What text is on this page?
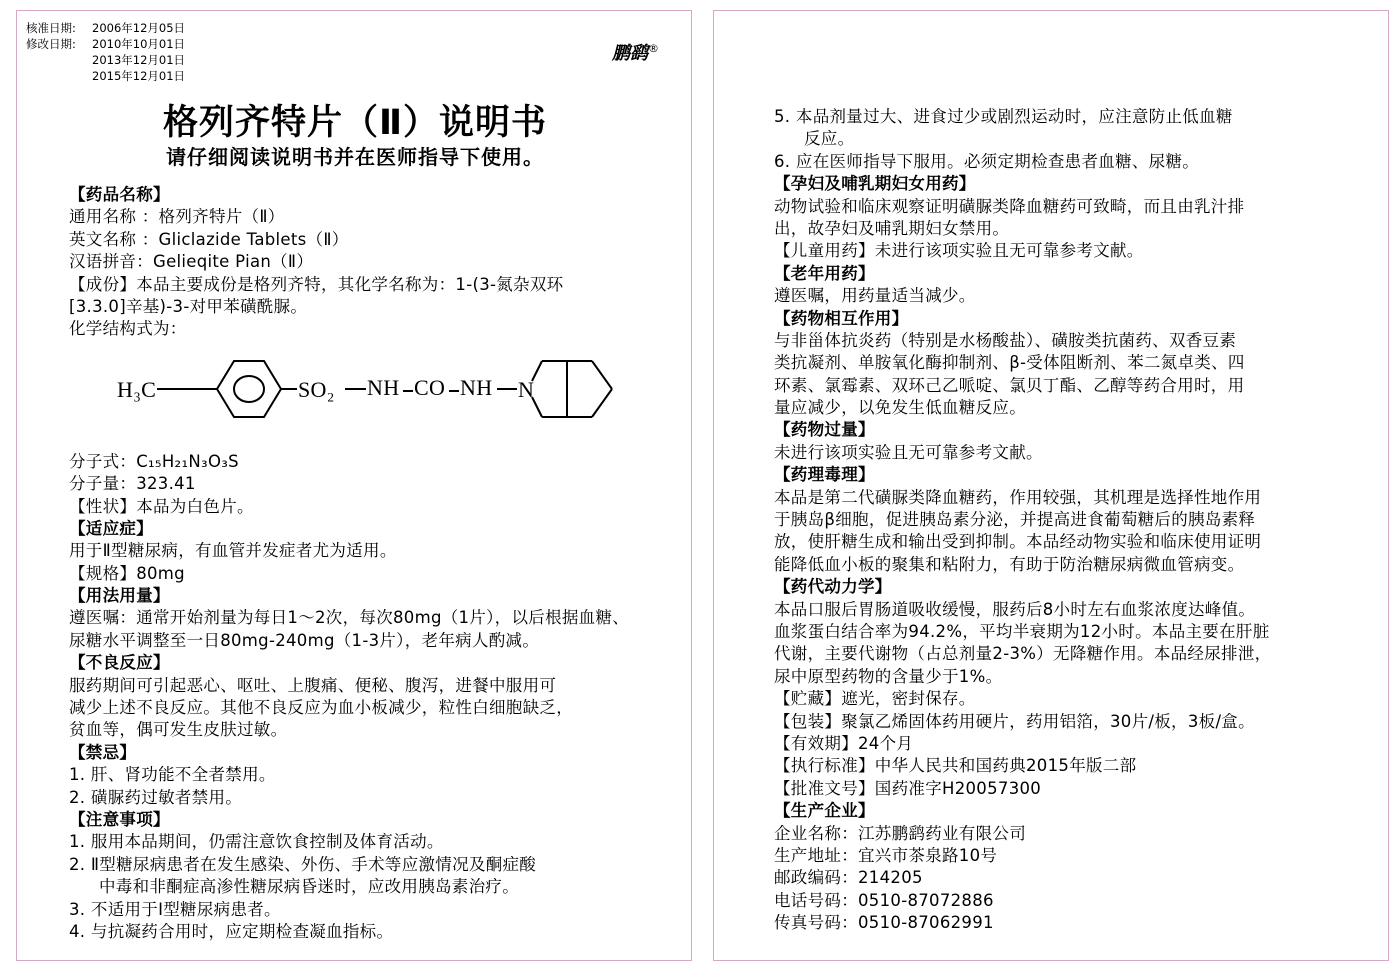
核准日期: 2006年12月05日
修改日期: 2010年10月01日
2013年12月01日
2015年12月01日
鹏鹞®
格列齐特片（Ⅱ）说明书
请仔细阅读说明书并在医师指导下使用。
【药品名称】
通用名称 ：格列齐特片（Ⅱ）
英文名称 ：Gliclazide Tablets（Ⅱ）
汉语拼音：Gelieqite Pian（Ⅱ）
【成份】本品主要成份是格列齐特，其化学名称为：1-(3-氮杂双环
[3.3.0]辛基)-3-对甲苯磺酰脲。
化学结构式为：
H₃C	SO₂ NH CO NH N
分子式：C₁₅H₂₁N₃O₃S
分子量：323.41
【性状】本品为白色片。
【适应症】
用于Ⅱ型糖尿病，有血管并发症者尤为适用。
【规格】80mg
【用法用量】
遵医嘱：通常开始剂量为每日1～2次，每次80mg（1片），以后根据血糖、
尿糖水平调整至一日80mg-240mg（1-3片），老年病人酌减。
【不良反应】
服药期间可引起恶心、呕吐、上腹痛、便秘、腹泻，进餐中服用可
减少上述不良反应。其他不良反应为血小板减少，粒性白细胞缺乏，
贫血等，偶可发生皮肤过敏。
【禁忌】
1. 肝、肾功能不全者禁用。
2. 磺脲药过敏者禁用。
【注意事项】
1. 服用本品期间，仍需注意饮食控制及体育活动。
2. Ⅱ型糖尿病患者在发生感染、外伤、手术等应激情况及酮症酸
中毒和非酮症高渗性糖尿病昏迷时，应改用胰岛素治疗。
3. 不适用于Ⅰ型糖尿病患者。
4. 与抗凝药合用时，应定期检查凝血指标。
5. 本品剂量过大、进食过少或剧烈运动时，应注意防止低血糖
反应。
6. 应在医师指导下服用。必须定期检查患者血糖、尿糖。
【孕妇及哺乳期妇女用药】
动物试验和临床观察证明磺脲类降血糖药可致畸，而且由乳汁排
出，故孕妇及哺乳期妇女禁用。
【儿童用药】未进行该项实验且无可靠参考文献。
【老年用药】
遵医嘱，用药量适当减少。
【药物相互作用】
与非甾体抗炎药（特别是水杨酸盐）、磺胺类抗菌药、双香豆素
类抗凝剂、单胺氧化酶抑制剂、β-受体阻断剂、苯二氮卓类、四
环素、氯霉素、双环己乙哌啶、氯贝丁酯、乙醇等药合用时，用
量应减少，以免发生低血糖反应。
【药物过量】
未进行该项实验且无可靠参考文献。
【药理毒理】
本品是第二代磺脲类降血糖药，作用较强，其机理是选择性地作用
于胰岛β细胞，促进胰岛素分泌，并提高进食葡萄糖后的胰岛素释
放，使肝糖生成和输出受到抑制。本品经动物实验和临床使用证明
能降低血小板的聚集和粘附力，有助于防治糖尿病微血管病变。
【药代动力学】
本品口服后胃肠道吸收缓慢，服药后8小时左右血浆浓度达峰值。
血浆蛋白结合率为94.2%，平均半衰期为12小时。本品主要在肝脏
代谢，主要代谢物（占总剂量2-3%）无降糖作用。本品经尿排泄，
尿中原型药物的含量少于1%。
【贮藏】遮光，密封保存。
【包装】聚氯乙烯固体药用硬片，药用铝箔，30片/板，3板/盒。
【有效期】24个月
【执行标准】中华人民共和国药典2015年版二部
【批准文号】国药准字H20057300
【生产企业】
企业名称：江苏鹏鹞药业有限公司
生产地址：宜兴市茶泉路10号
邮政编码：214205
电话号码：0510-87072886
传真号码：0510-87062991
